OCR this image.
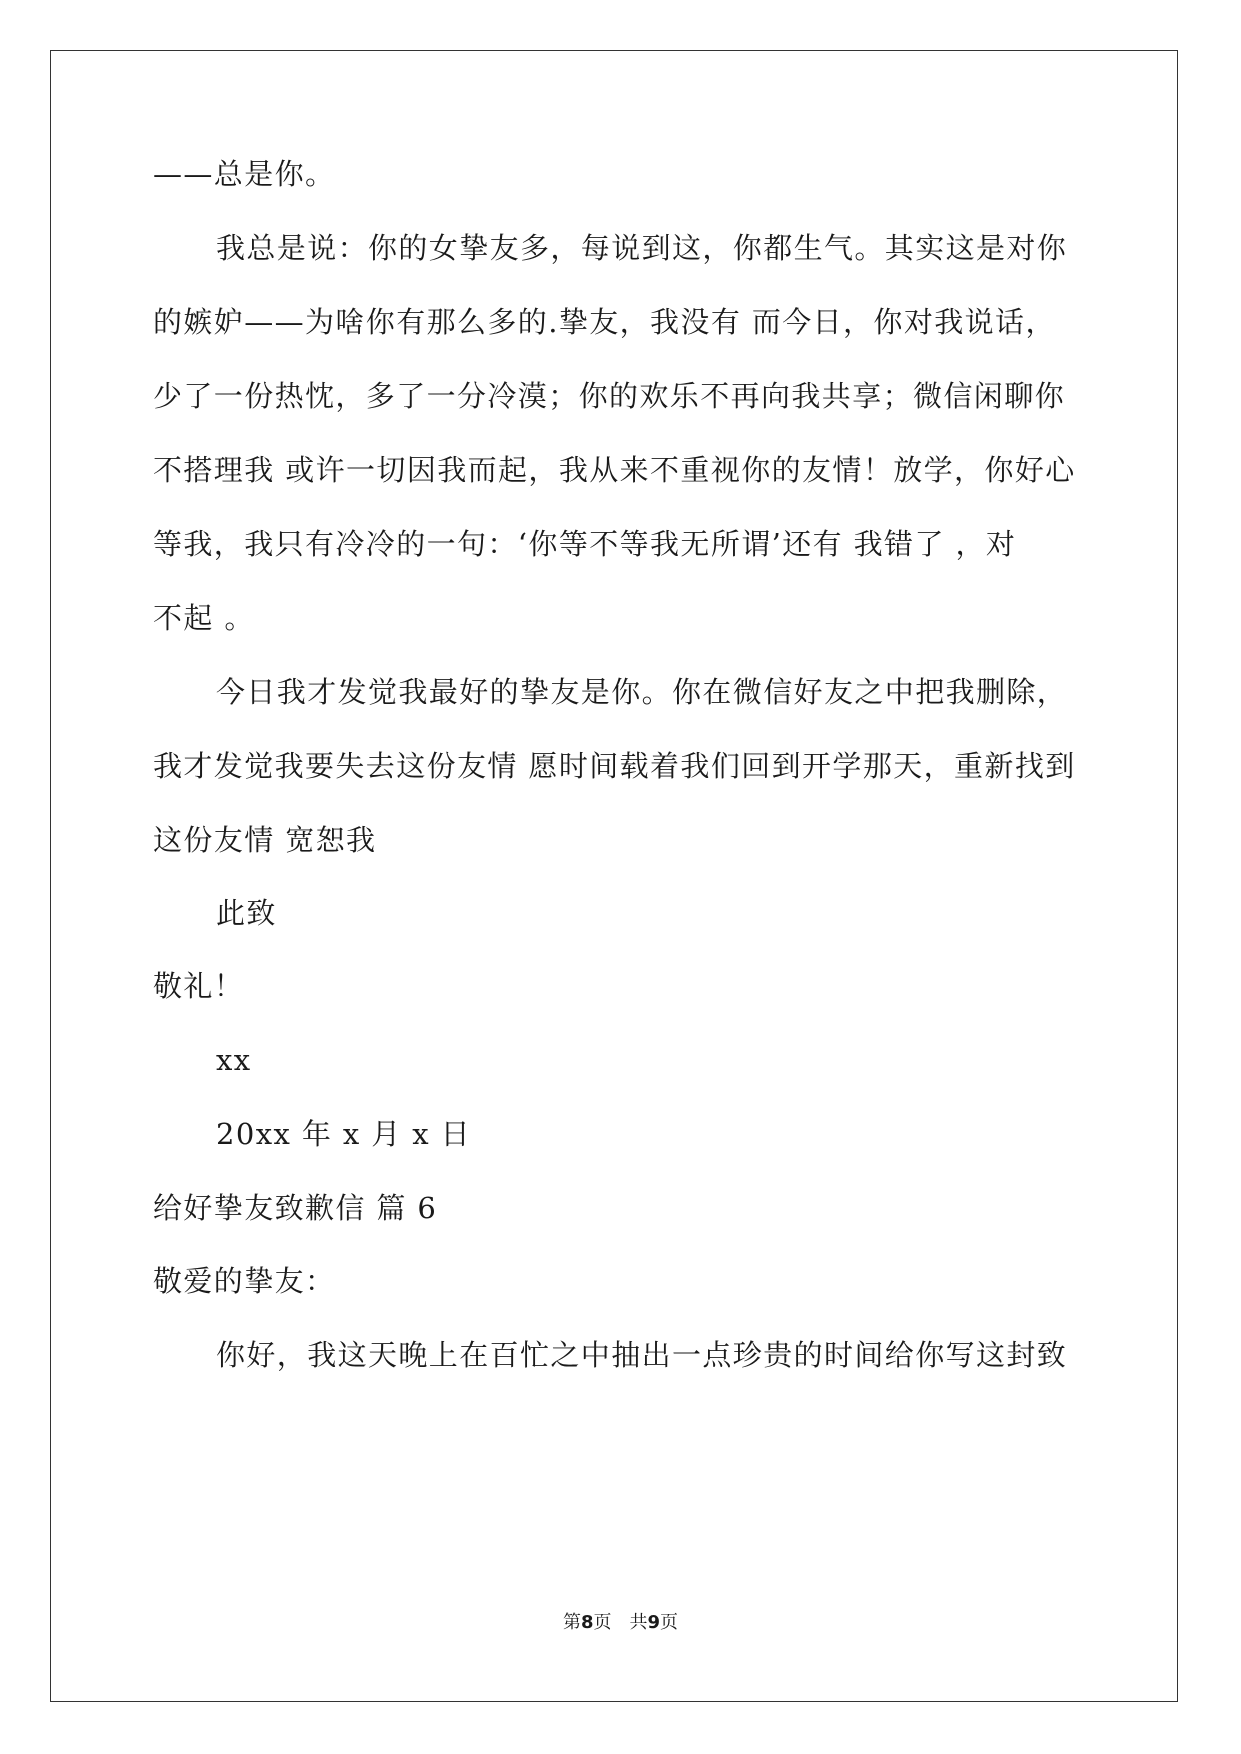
——总是你。
我总是说：你的女挚友多，每说到这，你都生气。其实这是对你
的嫉妒——为啥你有那么多的.挚友，我没有 而今日，你对我说话，
少了一份热忱，多了一分冷漠；你的欢乐不再向我共享；微信闲聊你
不搭理我 或许一切因我而起，我从来不重视你的友情！放学，你好心
等我，我只有冷冷的一句：‘你等不等我无所谓’还有 我错了 ，对
不起 。
今日我才发觉我最好的挚友是你。你在微信好友之中把我删除，
我才发觉我要失去这份友情 愿时间载着我们回到开学那天，重新找到
这份友情 宽恕我
此致
敬礼！
xx
20xx 年 x 月 x 日
给好挚友致歉信 篇 6
敬爱的挚友：
你好，我这天晚上在百忙之中抽出一点珍贵的时间给你写这封致
第8页　共9页
